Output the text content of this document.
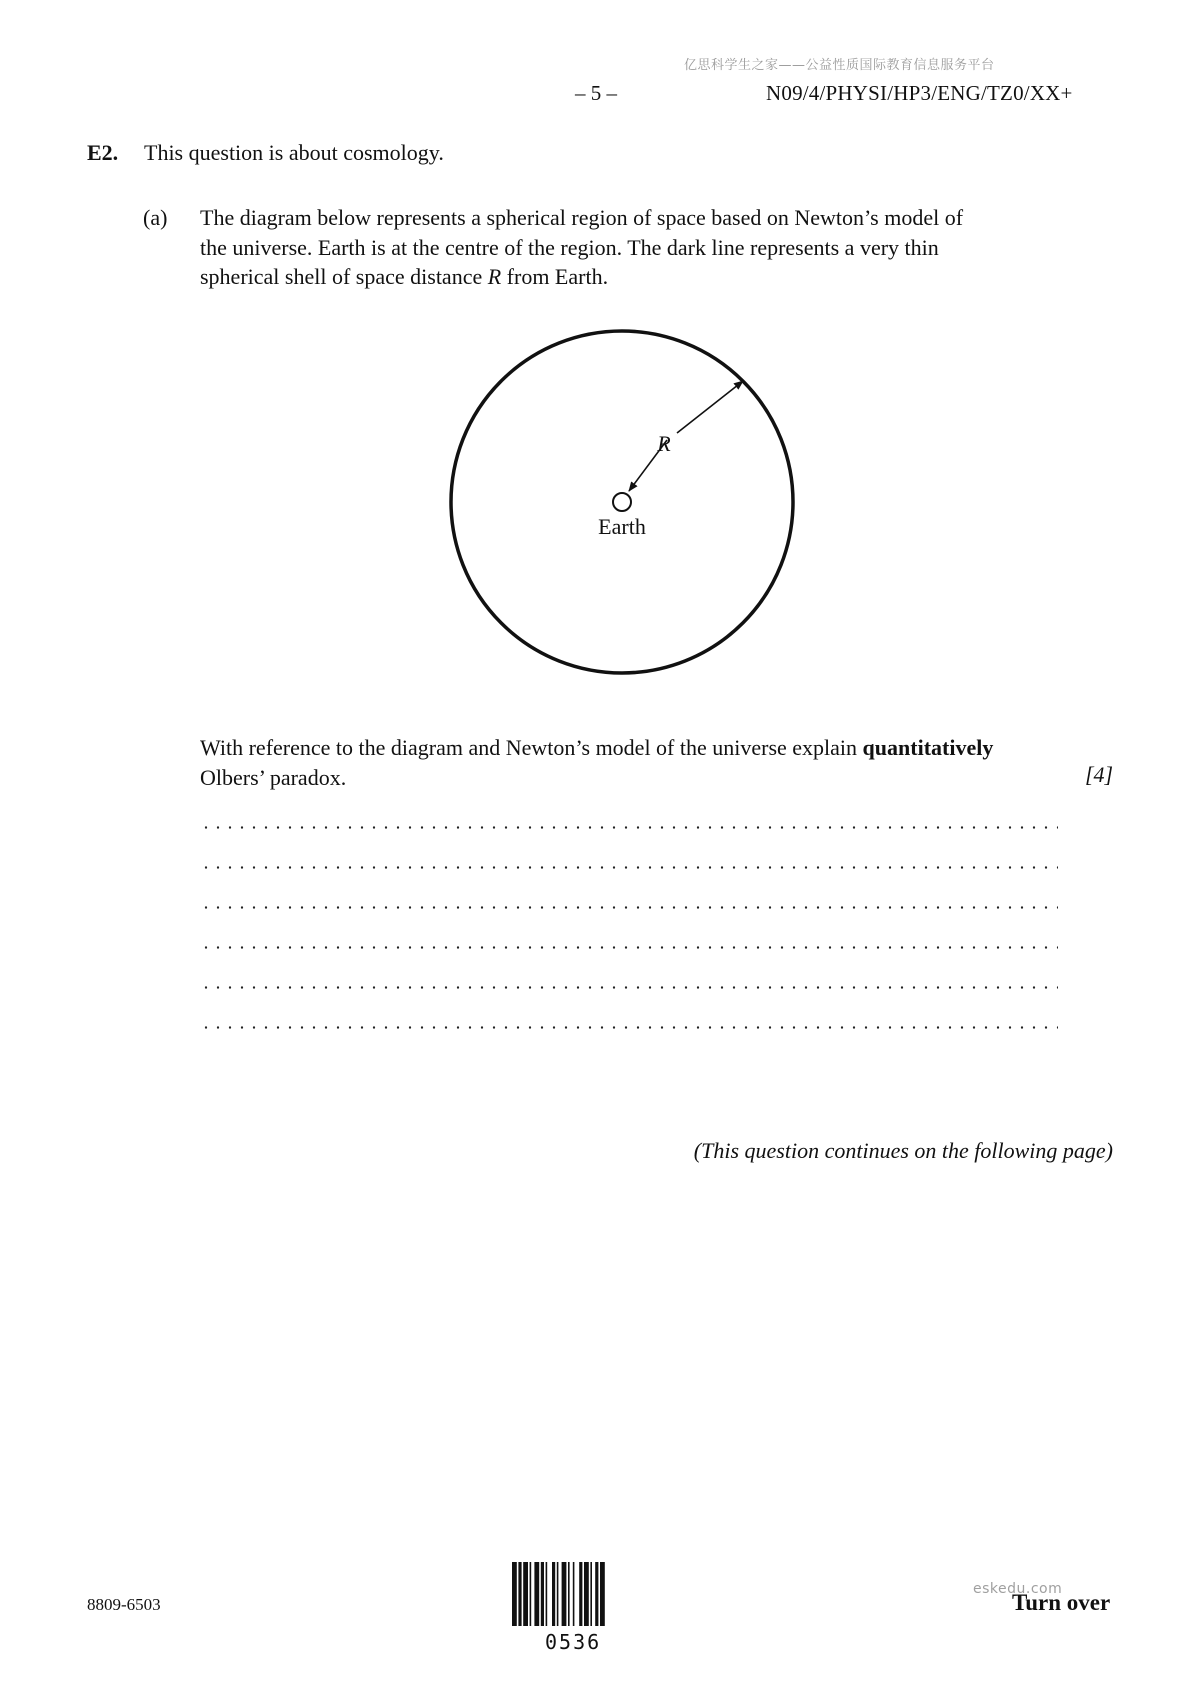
亿思科学生之家——公益性质国际教育信息服务平台
– 5 –	N09/4/PHYSI/HP3/ENG/TZ0/XX+
E2. This question is about cosmology.
(a) The diagram below represents a spherical region of space based on Newton’s model of

the universe. Earth is at the centre of the region. The dark line represents a very thin

spherical shell of space distance R from Earth.

R
Earth

With reference to the diagram and Newton’s model of the universe explain quantitatively

Olbers’ paradox.	[4]
(This question continues on the following page)
8809-6503
0536
eskedu.com
Turn over
